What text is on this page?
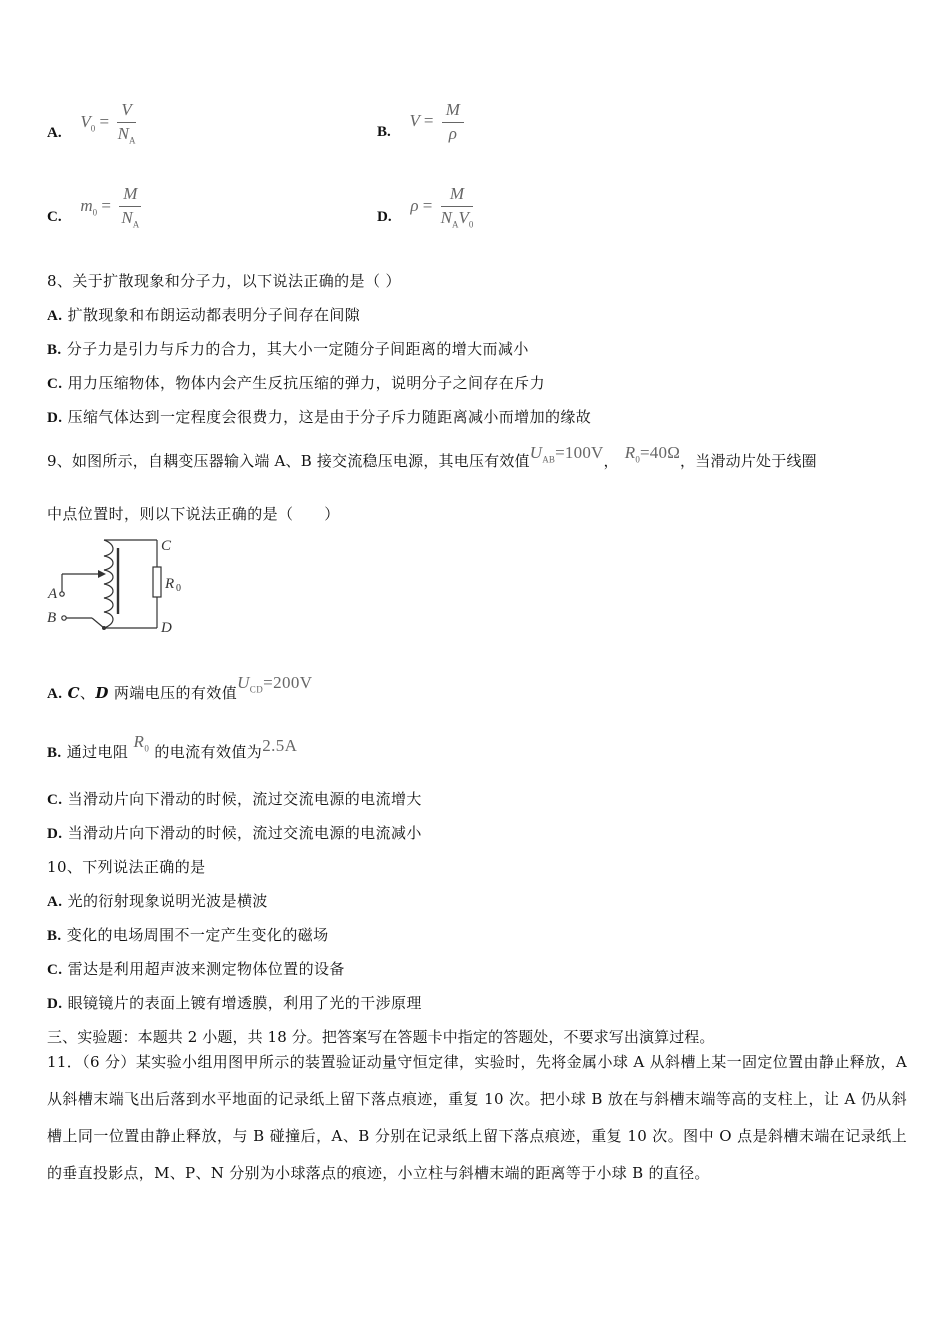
A. $V_0 = \frac{V}{N_A}$	B. $V = \frac{M}{\rho}$
C. $m_0 = \frac{M}{N_A}$	D. $\rho = \frac{M}{N_AV_0}$
8、关于扩散现象和分子力，以下说法正确的是（ ）
A. 扩散现象和布朗运动都表明分子间存在间隙
B. 分子力是引力与斥力的合力，其大小一定随分子间距离的增大而减小
C. 用力压缩物体，物体内会产生反抗压缩的弹力，说明分子之间存在斥力
D. 压缩气体达到一定程度会很费力，这是由于分子斥力随距离减小而增加的缘故
9、如图所示，自耦变压器输入端 A、B 接交流稳压电源，其电压有效值$U_{AB}=100V$， $R_0=40\Omega$，当滑动片处于线圈
中点位置时，则以下说法正确的是（　　）
C
D
A
B
R 0
A. C、D 两端电压的有效值$U_{CD}=200V$
B. 通过电阻 $R_0$ 的电流有效值为2.5A
C. 当滑动片向下滑动的时候，流过交流电源的电流增大
D. 当滑动片向下滑动的时候，流过交流电源的电流减小
10、下列说法正确的是
A. 光的衍射现象说明光波是横波
B. 变化的电场周围不一定产生变化的磁场
C. 雷达是利用超声波来测定物体位置的设备
D. 眼镜镜片的表面上镀有增透膜，利用了光的干涉原理
三、实验题：本题共 2 小题，共 18 分。把答案写在答题卡中指定的答题处，不要求写出演算过程。
11．（6 分）某实验小组用图甲所示的装置验证动量守恒定律，实验时，先将金属小球 A 从斜槽上某一固定位置由静止释放，A 从斜槽末端飞出后落到水平地面的记录纸上留下落点痕迹，重复 10 次。把小球 B 放在与斜槽末端等高的支柱上，让 A 仍从斜槽上同一位置由静止释放，与 B 碰撞后，A、B 分别在记录纸上留下落点痕迹，重复 10 次。图中 O 点是斜槽末端在记录纸上的垂直投影点，M、P、N 分别为小球落点的痕迹，小立柱与斜槽末端的距离等于小球 B 的直径。
